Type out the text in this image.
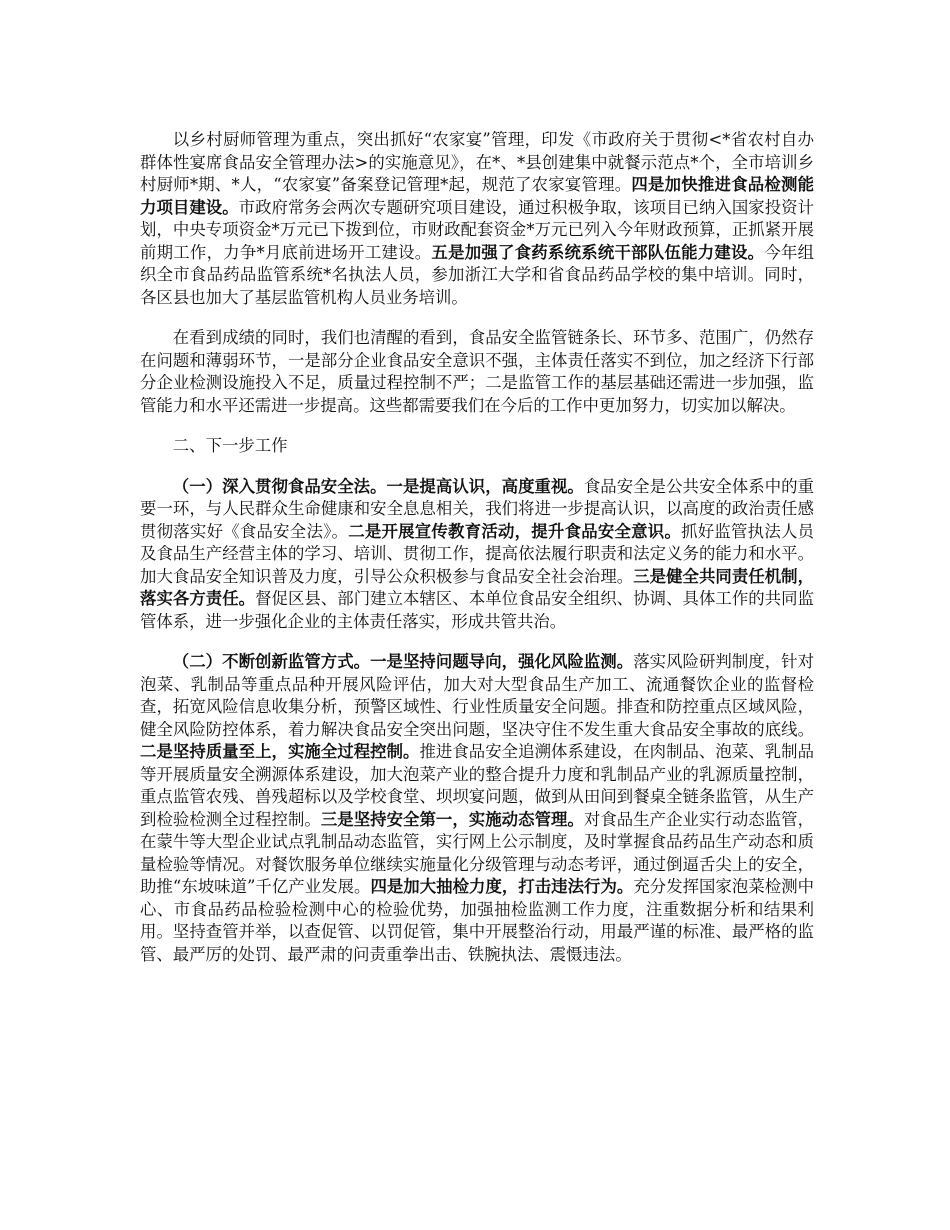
以乡村厨师管理为重点，突出抓好“农家宴”管理，印发《市政府关于贯彻<*省农村自办群体性宴席食品安全管理办法>的实施意见》，在*、*县创建集中就餐示范点*个，全市培训乡村厨师*期、*人，“农家宴”备案登记管理*起，规范了农家宴管理。四是加快推进食品检测能力项目建设。市政府常务会两次专题研究项目建设，通过积极争取，该项目已纳入国家投资计划，中央专项资金*万元已下拨到位，市财政配套资金*万元已列入今年财政预算，正抓紧开展前期工作，力争*月底前进场开工建设。五是加强了食药系统系统干部队伍能力建设。今年组织全市食品药品监管系统*名执法人员，参加浙江大学和省食品药品学校的集中培训。同时，各区县也加大了基层监管机构人员业务培训。

在看到成绩的同时，我们也清醒的看到，食品安全监管链条长、环节多、范围广，仍然存在问题和薄弱环节，一是部分企业食品安全意识不强，主体责任落实不到位，加之经济下行部分企业检测设施投入不足，质量过程控制不严；二是监管工作的基层基础还需进一步加强，监管能力和水平还需进一步提高。这些都需要我们在今后的工作中更加努力，切实加以解决。

二、下一步工作

（一）深入贯彻食品安全法。一是提高认识，高度重视。食品安全是公共安全体系中的重要一环，与人民群众生命健康和安全息息相关，我们将进一步提高认识，以高度的政治责任感贯彻落实好《食品安全法》。二是开展宣传教育活动，提升食品安全意识。抓好监管执法人员及食品生产经营主体的学习、培训、贯彻工作，提高依法履行职责和法定义务的能力和水平。加大食品安全知识普及力度，引导公众积极参与食品安全社会治理。三是健全共同责任机制，落实各方责任。督促区县、部门建立本辖区、本单位食品安全组织、协调、具体工作的共同监管体系，进一步强化企业的主体责任落实，形成共管共治。

（二）不断创新监管方式。一是坚持问题导向，强化风险监测。落实风险研判制度，针对泡菜、乳制品等重点品种开展风险评估，加大对大型食品生产加工、流通餐饮企业的监督检查，拓宽风险信息收集分析，预警区域性、行业性质量安全问题。排查和防控重点区域风险，健全风险防控体系，着力解决食品安全突出问题，坚决守住不发生重大食品安全事故的底线。二是坚持质量至上，实施全过程控制。推进食品安全追溯体系建设，在肉制品、泡菜、乳制品等开展质量安全溯源体系建设，加大泡菜产业的整合提升力度和乳制品产业的乳源质量控制，重点监管农残、兽残超标以及学校食堂、坝坝宴问题，做到从田间到餐桌全链条监管，从生产到检验检测全过程控制。三是坚持安全第一，实施动态管理。对食品生产企业实行动态监管，在蒙牛等大型企业试点乳制品动态监管，实行网上公示制度，及时掌握食品药品生产动态和质量检验等情况。对餐饮服务单位继续实施量化分级管理与动态考评，通过倒逼舌尖上的安全，助推“东坡味道”千亿产业发展。四是加大抽检力度，打击违法行为。充分发挥国家泡菜检测中心、市食品药品检验检测中心的检验优势，加强抽检监测工作力度，注重数据分析和结果利用。坚持查管并举，以查促管、以罚促管，集中开展整治行动，用最严谨的标准、最严格的监管、最严厉的处罚、最严肃的问责重拳出击、铁腕执法、震慑违法。
